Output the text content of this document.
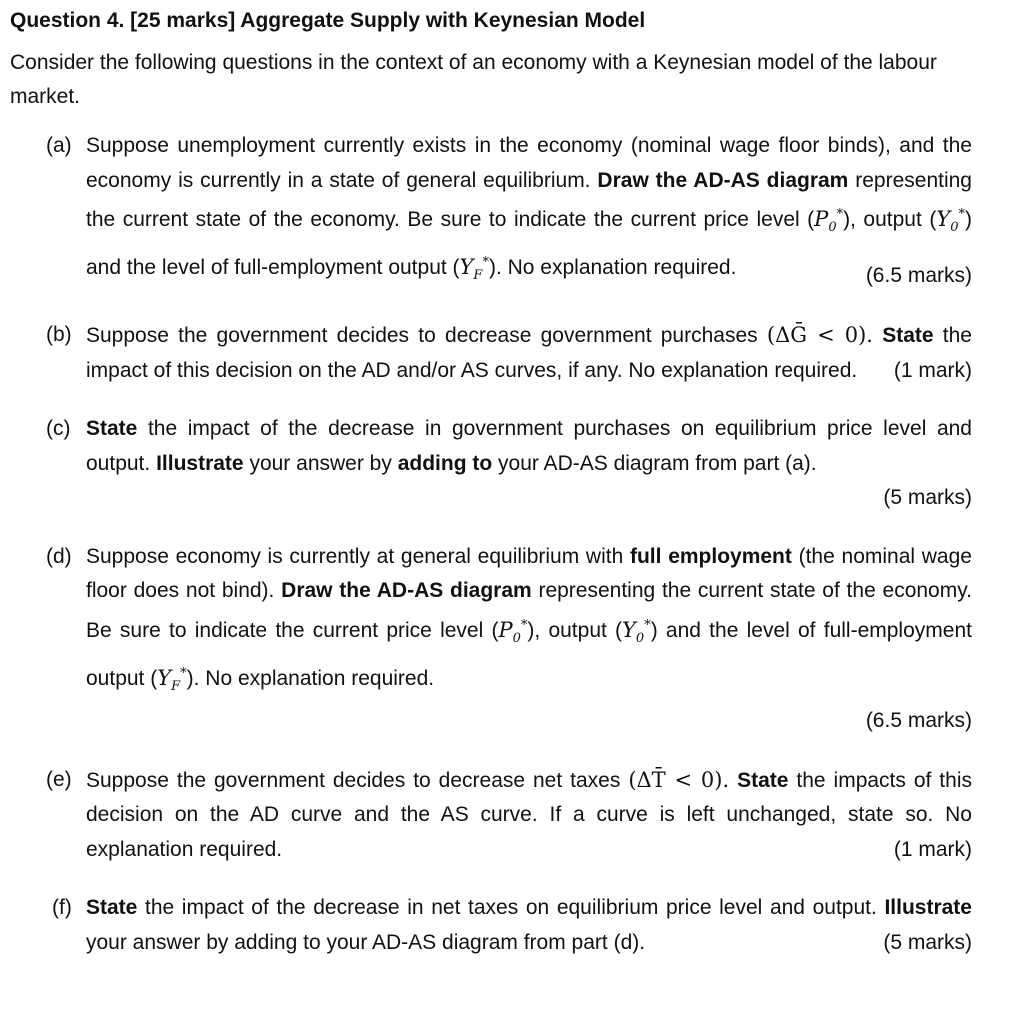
Question 4. [25 marks] Aggregate Supply with Keynesian Model
Consider the following questions in the context of an economy with a Keynesian model of the labour market.
(a) Suppose unemployment currently exists in the economy (nominal wage floor binds), and the economy is currently in a state of general equilibrium. Draw the AD-AS diagram representing the current state of the economy. Be sure to indicate the current price level $(P_0^*)$, output $(Y_0^*)$ and the level of full-employment output $(Y_F^*)$. No explanation required.	(6.5 marks)
(b) Suppose the government decides to decrease government purchases (ΔḠ < 0). State the impact of this decision on the AD and/or AS curves, if any. No explanation required.	(1 mark)
(c) State the impact of the decrease in government purchases on equilibrium price level and output. Illustrate your answer by adding to your AD-AS diagram from part (a).
(5 marks)
(d) Suppose economy is currently at general equilibrium with full employment (the nominal wage floor does not bind). Draw the AD-AS diagram representing the current state of the economy. Be sure to indicate the current price level $(P_0^*)$, output $(Y_0^*)$ and the level of full-employment output $(Y_F^*)$. No explanation required.
(6.5 marks)
(e) Suppose the government decides to decrease net taxes (ΔT̄ < 0). State the impacts of this decision on the AD curve and the AS curve. If a curve is left unchanged, state so. No explanation required.	(1 mark)
(f) State the impact of the decrease in net taxes on equilibrium price level and output. Illustrate your answer by adding to your AD-AS diagram from part (d).	(5 marks)
